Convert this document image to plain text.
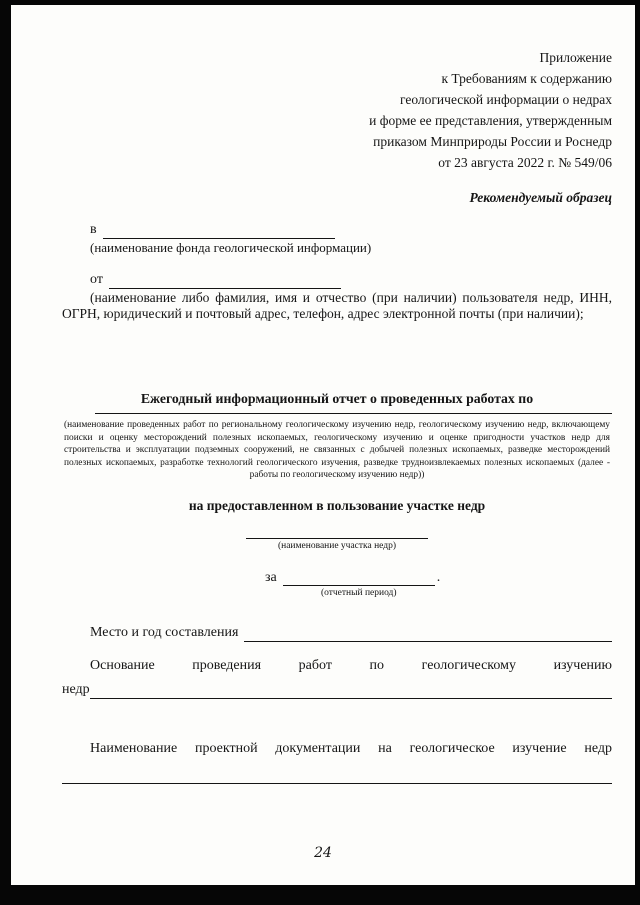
Приложение
к Требованиям к содержанию
геологической информации о недрах
и форме ее представления, утвержденным
приказом Минприроды России и Роснедр
от 23 августа 2022 г. № 549/06
Рекомендуемый образец
в
(наименование фонда геологической информации)
от
(наименование либо фамилия, имя и отчество (при наличии) пользователя недр, ИНН, ОГРН, юридический и почтовый адрес, телефон, адрес электронной почты (при наличии);
Ежегодный информационный отчет о проведенных работах по
(наименование проведенных работ по региональному геологическому изучению недр, геологическому изучению недр, включающему поиски и оценку месторождений полезных ископаемых, геологическому изучению и оценке пригодности участков недр для строительства и эксплуатации подземных сооружений, не связанных с добычей полезных ископаемых, разведке месторождений полезных ископаемых, разработке технологий геологического изучения, разведке трудноизвлекаемых полезных ископаемых (далее - работы по геологическому изучению недр))
на предоставленном в пользование участке недр
(наименование участка недр)
за
(отчетный период)
.
Место и год составления
Основание проведения работ по геологическому изучению
недр
Наименование проектной документации на геологическое изучение недр
24
